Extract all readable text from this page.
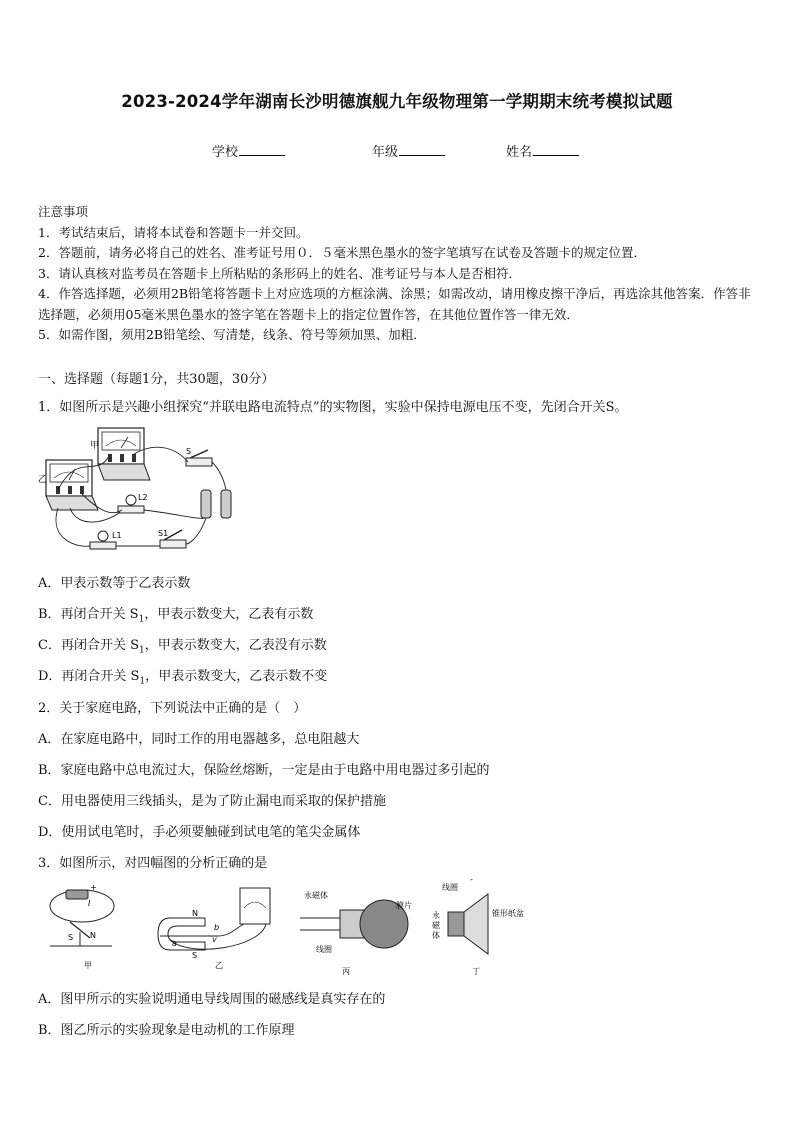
2023-2024学年湖南长沙明德旗舰九年级物理第一学期期末统考模拟试题
学校	年级	姓名

注意事项

1．考试结束后，请将本试卷和答题卡一并交回。

2．答题前，请务必将自己的姓名、准考证号用０．５毫米黑色墨水的签字笔填写在试卷及答题卡的规定位置．

3．请认真核对监考员在答题卡上所粘贴的条形码上的姓名、准考证号与本人是否相符．

4．作答选择题，必须用2B铅笔将答题卡上对应选项的方框涂满、涂黑；如需改动，请用橡皮擦干净后，再选涂其他答案．作答非选择题，必须用05毫米黑色墨水的签字笔在答题卡上的指定位置作答，在其他位置作答一律无效．

5．如需作图，须用2B铅笔绘、写清楚，线条、符号等须加黑、加粗．

一、选择题（每题1分，共30题，30分）
1．如图所示是兴趣小组探究“并联电路电流特点”的实物图，实验中保持电源电压不变，先闭合开关S。
甲
乙
S
L2
L1	S1
A．甲表示数等于乙表示数
B．再闭合开关 $S_1$，甲表示数变大，乙表有示数
C．再闭合开关 $S_1$，甲表示数变大，乙表没有示数
D．再闭合开关 $S_1$，甲表示数变大，乙表示数不变
2．关于家庭电路，下列说法中正确的是（　）
A．在家庭电路中，同时工作的用电器越多，总电阻越大
B．家庭电路中总电流过大，保险丝熔断，一定是由于电路中用电器过多引起的
C．用电器使用三线插头，是为了防止漏电而采取的保护措施
D．使用试电笔时，手必须要触碰到试电笔的笔尖金属体
3．如图所示，对四幅图的分析正确的是
+
I
N
S
甲
N
S
a
b
v
乙
永磁体
膜片
线圈
丙
线圈
锥形纸盆
永
磁
体
-
丁
A．图甲所示的实验说明通电导线周围的磁感线是真实存在的
B．图乙所示的实验现象是电动机的工作原理
